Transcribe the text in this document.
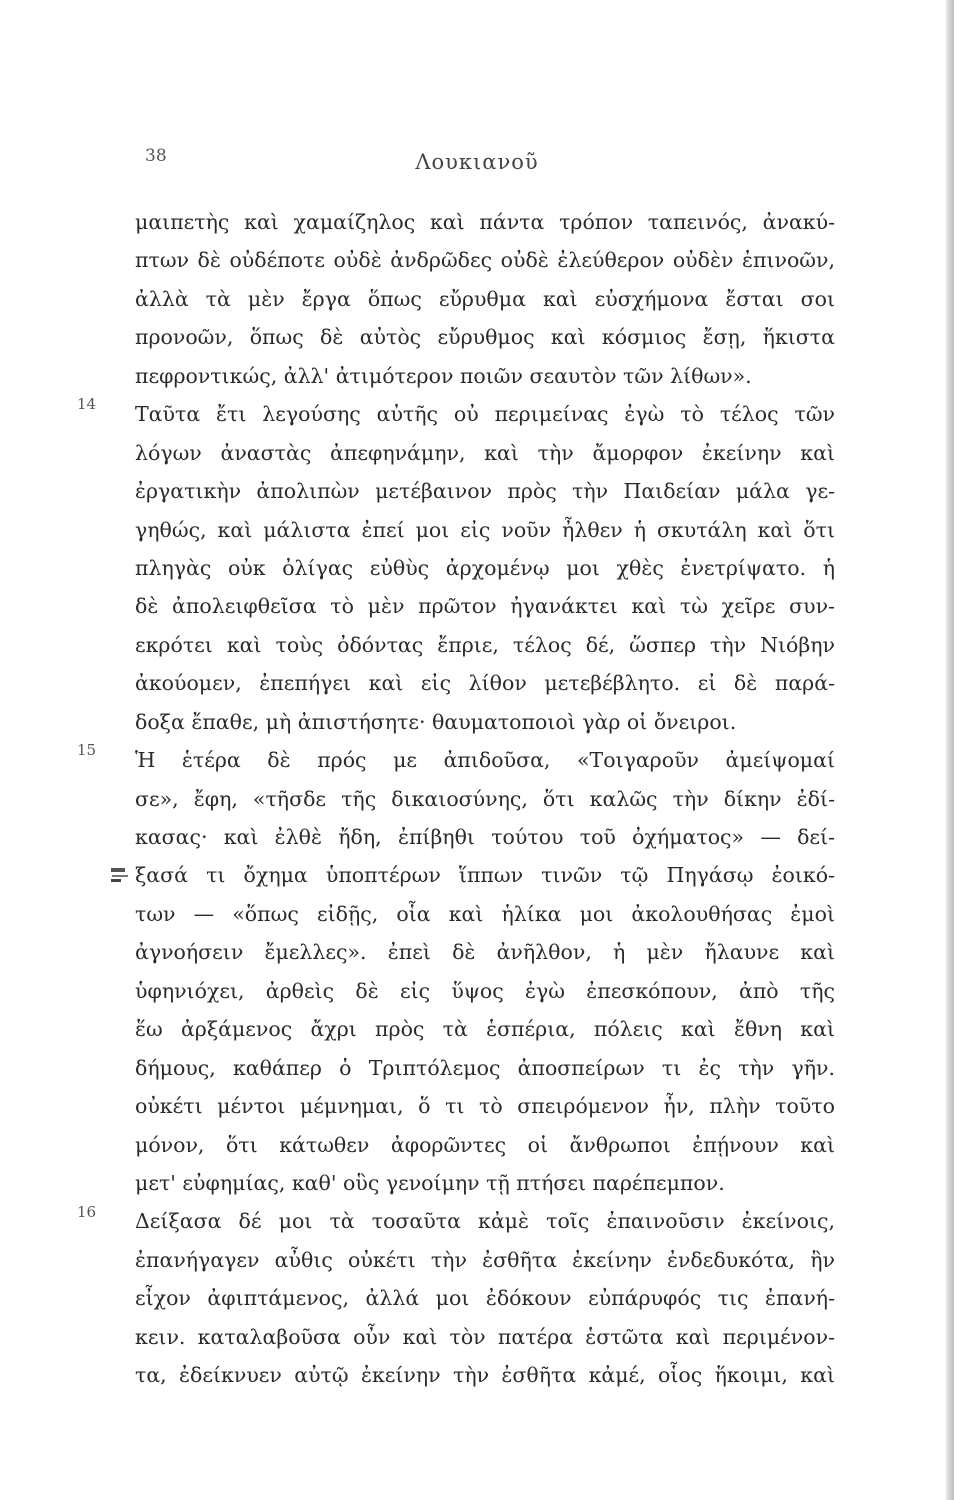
38	Λουκιανοῦ
μαιπετὴς καὶ χαμαίζηλος καὶ πάντα τρόπον ταπεινός, ἀνακύ-
πτων δὲ οὐδέποτε οὐδὲ ἀνδρῶδες οὐδὲ ἐλεύθερον οὐδὲν ἐπινοῶν,
ἀλλὰ τὰ μὲν ἔργα ὅπως εὔρυθμα καὶ εὐσχήμονα ἔσται σοι
προνοῶν, ὅπως δὲ αὐτὸς εὔρυθμος καὶ κόσμιος ἔσῃ, ἥκιστα
πεφροντικώς, ἀλλ' ἀτιμότερον ποιῶν σεαυτὸν τῶν λίθων».
Ταῦτα ἔτι λεγούσης αὐτῆς οὐ περιμείνας ἐγὼ τὸ τέλος τῶν
14
λόγων ἀναστὰς ἀπεφηνάμην, καὶ τὴν ἄμορφον ἐκείνην καὶ
ἐργατικὴν ἀπολιπὼν μετέβαινον πρὸς τὴν Παιδείαν μάλα γε-
γηθώς, καὶ μάλιστα ἐπεί μοι εἰς νοῦν ἦλθεν ἡ σκυτάλη καὶ ὅτι
πληγὰς οὐκ ὀλίγας εὐθὺς ἀρχομένῳ μοι χθὲς ἐνετρίψατο. ἡ
δὲ ἀπολειφθεῖσα τὸ μὲν πρῶτον ἠγανάκτει καὶ τὼ χεῖρε συν-
εκρότει καὶ τοὺς ὀδόντας ἔπριε, τέλος δέ, ὥσπερ τὴν Νιόβην
ἀκούομεν, ἐπεπήγει καὶ εἰς λίθον μετεβέβλητο. εἰ δὲ παρά-
δοξα ἔπαθε, μὴ ἀπιστήσητε· θαυματοποιοὶ γὰρ οἱ ὄνειροι.
Ἡ ἑτέρα δὲ πρός με ἀπιδοῦσα, «Τοιγαροῦν ἀμείψομαί
15
σε», ἔφη, «τῆσδε τῆς δικαιοσύνης, ὅτι καλῶς τὴν δίκην ἐδί-
κασας· καὶ ἐλθὲ ἤδη, ἐπίβηθι τούτου τοῦ ὀχήματος» — δεί-
ξασά τι ὄχημα ὑποπτέρων ἵππων τινῶν τῷ Πηγάσῳ ἐοικό-
των — «ὅπως εἰδῇς, οἷα καὶ ἡλίκα μοι ἀκολουθήσας ἐμοὶ
ἀγνοήσειν ἔμελλες». ἐπεὶ δὲ ἀνῆλθον, ἡ μὲν ἤλαυνε καὶ
ὑφηνιόχει, ἀρθεὶς δὲ εἰς ὕψος ἐγὼ ἐπεσκόπουν, ἀπὸ τῆς
ἕω ἀρξάμενος ἄχρι πρὸς τὰ ἑσπέρια, πόλεις καὶ ἔθνη καὶ
δήμους, καθάπερ ὁ Τριπτόλεμος ἀποσπείρων τι ἐς τὴν γῆν.
οὐκέτι μέντοι μέμνημαι, ὅ τι τὸ σπειρόμενον ἦν, πλὴν τοῦτο
μόνον, ὅτι κάτωθεν ἀφορῶντες οἱ ἄνθρωποι ἐπῄνουν καὶ
μετ' εὐφημίας, καθ' οὓς γενοίμην τῇ πτήσει παρέπεμπον.
Δείξασα δέ μοι τὰ τοσαῦτα κἀμὲ τοῖς ἐπαινοῦσιν ἐκείνοις,
16
ἐπανήγαγεν αὖθις οὐκέτι τὴν ἐσθῆτα ἐκείνην ἐνδεδυκότα, ἣν
εἶχον ἀφιπτάμενος, ἀλλά μοι ἐδόκουν εὐπάρυφός τις ἐπανή-
κειν. καταλαβοῦσα οὖν καὶ τὸν πατέρα ἑστῶτα καὶ περιμένον-
τα, ἐδείκνυεν αὐτῷ ἐκείνην τὴν ἐσθῆτα κἀμέ, οἷος ἥκοιμι, καὶ
